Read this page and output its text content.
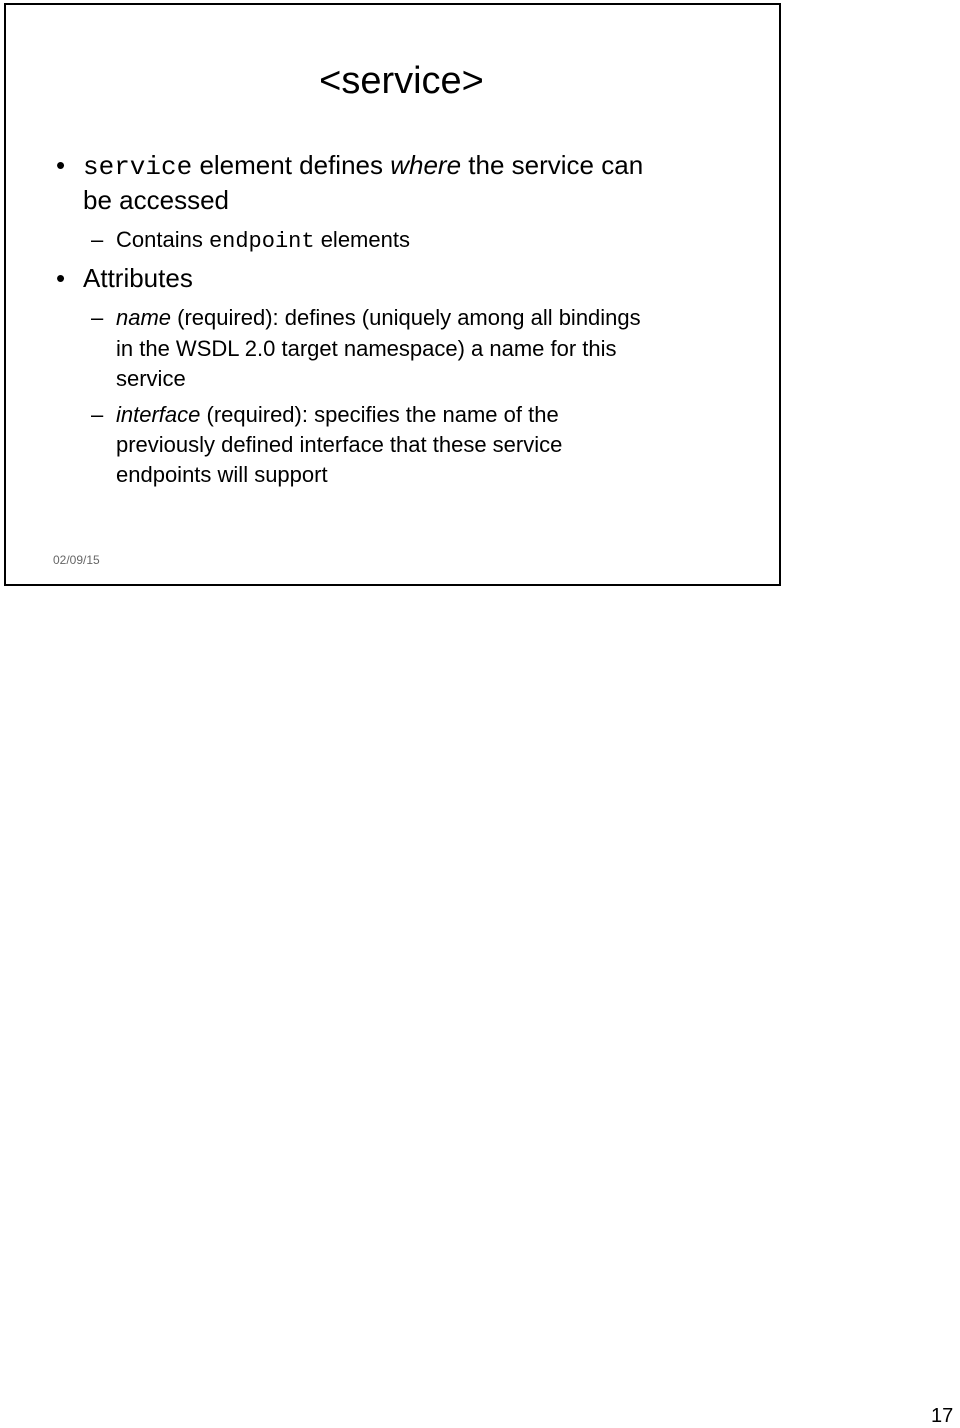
<service>
• service element defines where the service can
be accessed
– Contains endpoint elements
• Attributes
– name (required): defines (uniquely among all bindings
in the WSDL 2.0 target namespace) a name for this
service
– interface (required): specifies the name of the
previously defined interface that these service
endpoints will support
02/09/15
17
